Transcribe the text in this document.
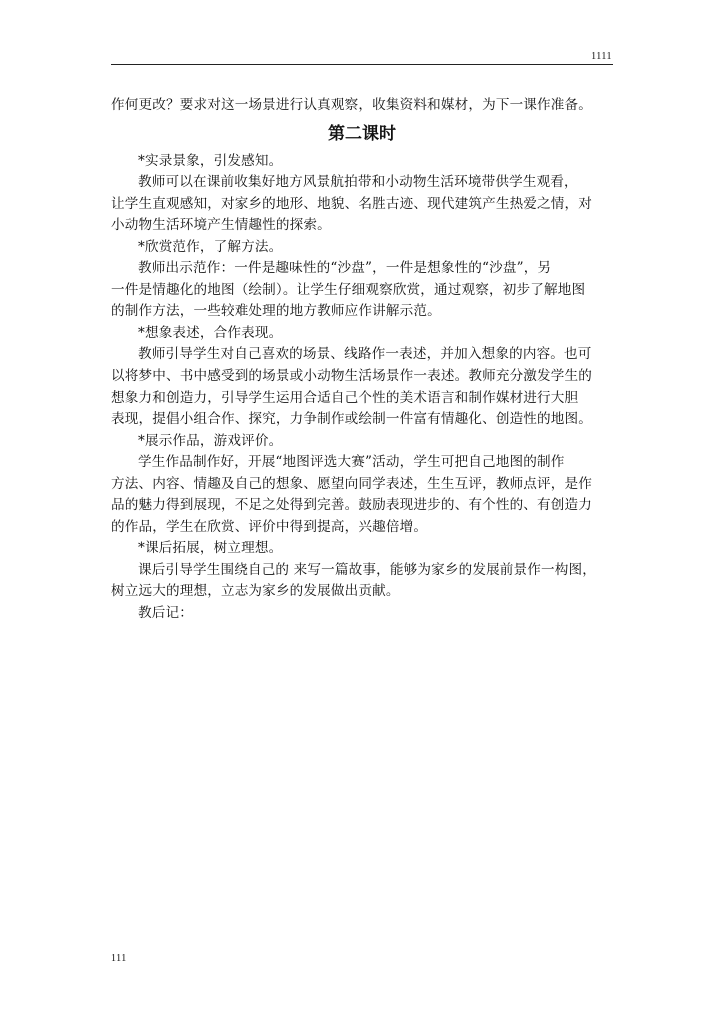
1111
作何更改？要求对这一场景进行认真观察，收集资料和媒材，为下一课作准备。
第二课时
*实录景象，引发感知。
教师可以在课前收集好地方风景航拍带和小动物生活环境带供学生观看，
让学生直观感知，对家乡的地形、地貌、名胜古迹、现代建筑产生热爱之情，对
小动物生活环境产生情趣性的探索。
*欣赏范作，了解方法。
教师出示范作：一件是趣味性的“沙盘”，一件是想象性的“沙盘”，另
一件是情趣化的地图（绘制）。让学生仔细观察欣赏，通过观察，初步了解地图
的制作方法，一些较难处理的地方教师应作讲解示范。
*想象表述，合作表现。
教师引导学生对自己喜欢的场景、线路作一表述，并加入想象的内容。也可
以将梦中、书中感受到的场景或小动物生活场景作一表述。教师充分激发学生的
想象力和创造力，引导学生运用合适自己个性的美术语言和制作媒材进行大胆
表现，提倡小组合作、探究，力争制作或绘制一件富有情趣化、创造性的地图。
*展示作品，游戏评价。
学生作品制作好，开展“地图评选大赛”活动，学生可把自己地图的制作
方法、内容、情趣及自己的想象、愿望向同学表述，生生互评，教师点评，是作
品的魅力得到展现，不足之处得到完善。鼓励表现进步的、有个性的、有创造力
的作品，学生在欣赏、评价中得到提高，兴趣倍增。
*课后拓展，树立理想。
课后引导学生围绕自己的 来写一篇故事，能够为家乡的发展前景作一构图，
树立远大的理想，立志为家乡的发展做出贡献。
教后记：
111
